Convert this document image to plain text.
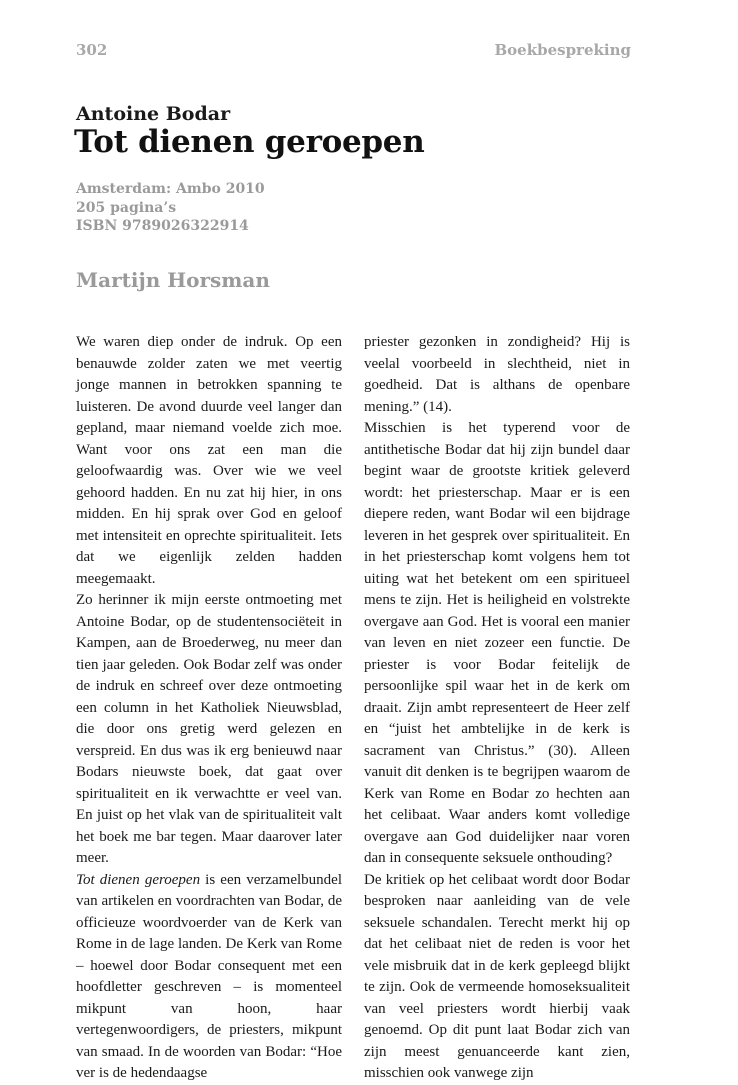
302	Boekbespreking
Antoine Bodar
Tot dienen geroepen
Amsterdam: Ambo 2010
205 pagina’s
ISBN 9789026322914
Martijn Horsman

We waren diep onder de indruk. Op een benauwde zolder zaten we met veertig jonge mannen in betrokken spanning te luisteren. De avond duurde veel langer dan gepland, maar niemand voelde zich moe. Want voor ons zat een man die geloofwaardig was. Over wie we veel gehoord hadden. En nu zat hij hier, in ons midden. En hij sprak over God en geloof met intensiteit en oprechte spiritualiteit. Iets dat we eigenlijk zelden hadden meegemaakt.

Zo herinner ik mijn eerste ontmoeting met Antoine Bodar, op de studentensociëteit in Kampen, aan de Broederweg, nu meer dan tien jaar geleden. Ook Bodar zelf was onder de indruk en schreef over deze ontmoeting een column in het Katholiek Nieuwsblad, die door ons gretig werd gelezen en verspreid. En dus was ik erg benieuwd naar Bodars nieuwste boek, dat gaat over spiritualiteit en ik verwachtte er veel van. En juist op het vlak van de spiritualiteit valt het boek me bar tegen. Maar daarover later meer.

Tot dienen geroepen is een verzamelbundel van artikelen en voordrachten van Bodar, de officieuze woordvoerder van de Kerk van Rome in de lage landen. De Kerk van Rome – hoewel door Bodar consequent met een hoofdletter geschreven – is momenteel mikpunt van hoon, haar vertegenwoordigers, de priesters, mikpunt van smaad. In de woorden van Bodar: “Hoe ver is de hedendaagse

priester gezonken in zondigheid? Hij is veelal voorbeeld in slechtheid, niet in goedheid. Dat is althans de openbare mening.” (14).

Misschien is het typerend voor de antithetische Bodar dat hij zijn bundel daar begint waar de grootste kritiek geleverd wordt: het priesterschap. Maar er is een diepere reden, want Bodar wil een bijdrage leveren in het gesprek over spiritualiteit. En in het priesterschap komt volgens hem tot uiting wat het betekent om een spiritueel mens te zijn. Het is heiligheid en volstrekte overgave aan God. Het is vooral een manier van leven en niet zozeer een functie. De priester is voor Bodar feitelijk de persoonlijke spil waar het in de kerk om draait. Zijn ambt representeert de Heer zelf en “juist het ambtelijke in de kerk is sacrament van Christus.” (30). Alleen vanuit dit denken is te begrijpen waarom de Kerk van Rome en Bodar zo hechten aan het celibaat. Waar anders komt volledige overgave aan God duidelijker naar voren dan in consequente seksuele onthouding?

De kritiek op het celibaat wordt door Bodar besproken naar aanleiding van de vele seksuele schandalen. Terecht merkt hij op dat het celibaat niet de reden is voor het vele misbruik dat in de kerk gepleegd blijkt te zijn. Ook de vermeende homoseksualiteit van veel priesters wordt hierbij vaak genoemd. Op dit punt laat Bodar zich van zijn meest genuanceerde kant zien, misschien ook vanwege zijn
